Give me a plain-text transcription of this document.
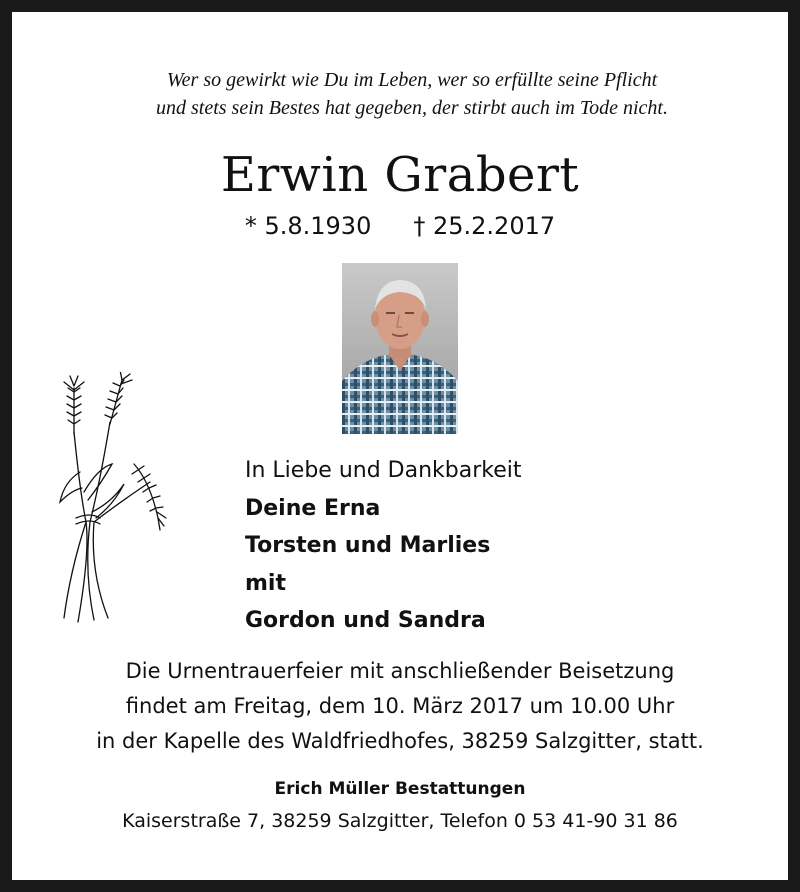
Wer so gewirkt wie Du im Leben, wer so erfüllte seine Pflicht
und stets sein Bestes hat gegeben, der stirbt auch im Tode nicht.
Erwin Grabert
* 5.8.1930 † 25.2.2017
In Liebe und Dankbarkeit
Deine Erna
Torsten und Marlies
mit
Gordon und Sandra
Die Urnentrauerfeier mit anschließender Beisetzung
findet am Freitag, dem 10. März 2017 um 10.00 Uhr
in der Kapelle des Waldfriedhofes, 38259 Salzgitter, statt.
Erich Müller Bestattungen
Kaiserstraße 7, 38259 Salzgitter, Telefon 0 53 41-90 31 86
